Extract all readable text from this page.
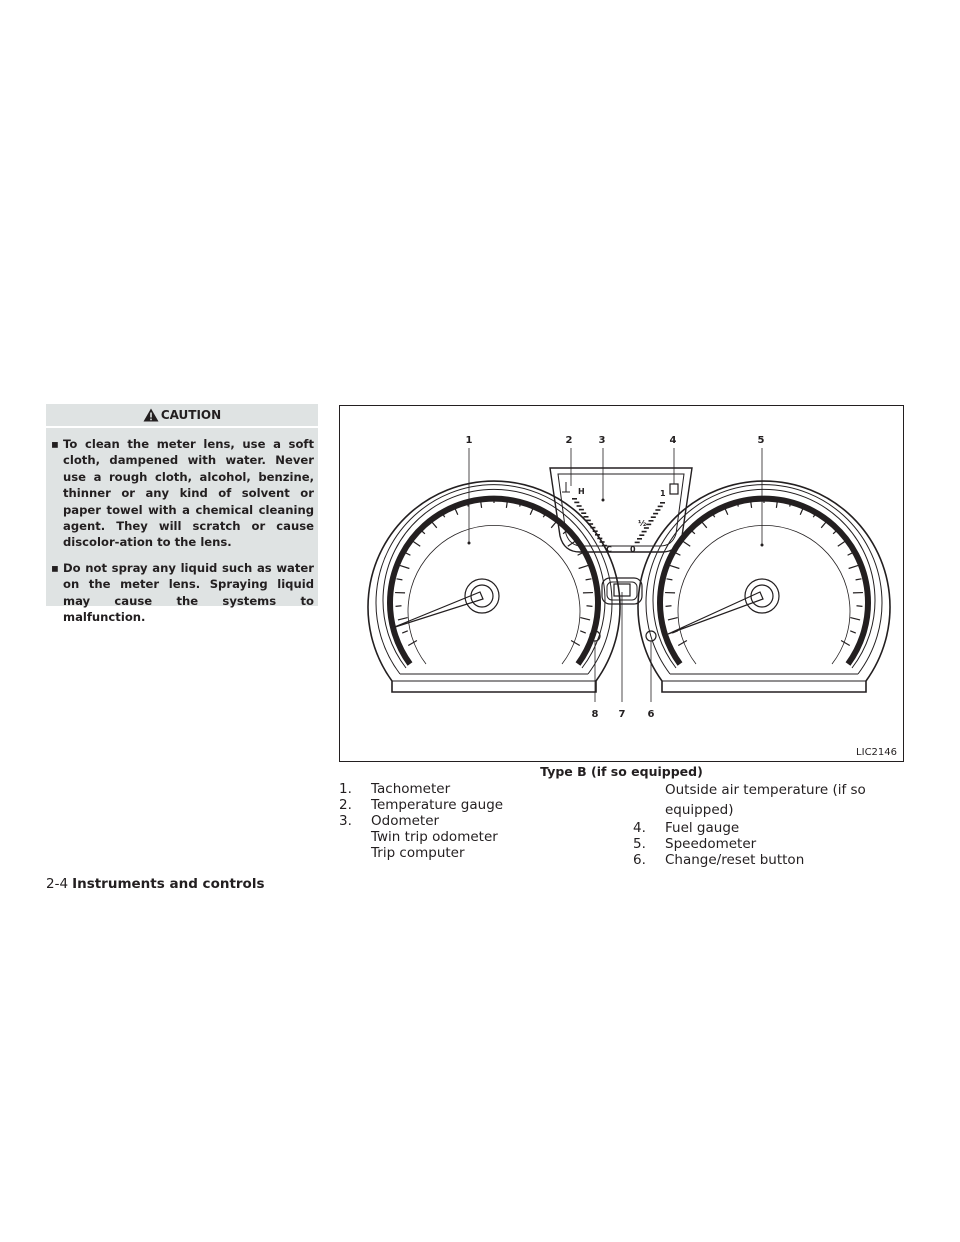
CAUTION
▪ To clean the meter lens, use a soft cloth, dampened with water. Never use a rough cloth, alcohol, benzine, thinner or any kind of solvent or paper towel with a chemical cleaning agent. They will scratch or cause discolor-ation to the lens.
▪ Do not spray any liquid such as water on the meter lens. Spraying liquid may cause the systems to malfunction.
H
C
1
½
0
1	2	3	4	5
6
7
8
LIC2146
Type B (if so equipped)
1. Tachometer
2. Temperature gauge
3. Odometer
Twin trip odometer
Trip computer
Outside air temperature (if so
equipped)
4. Fuel gauge
5. Speedometer
6. Change/reset button
2-4 Instruments and controls
